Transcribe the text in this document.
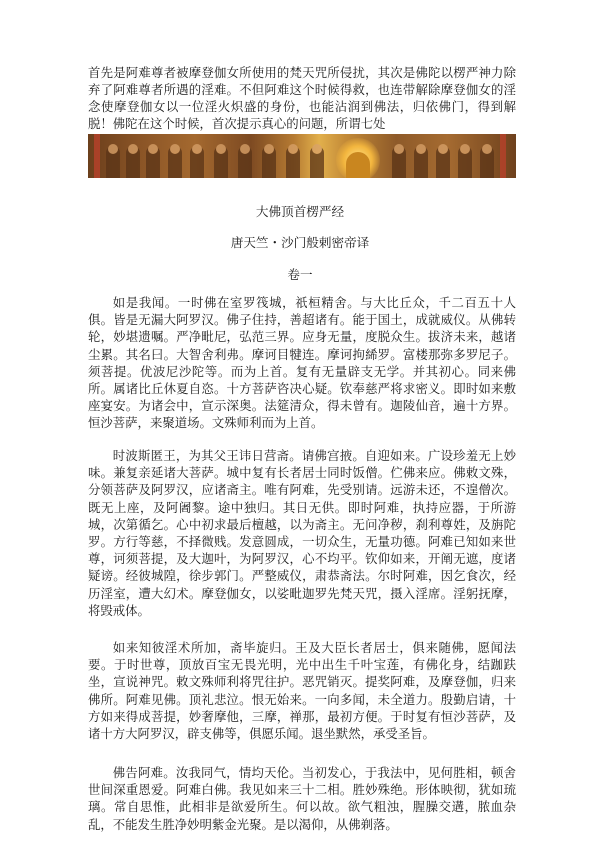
首先是阿难尊者被摩登伽女所使用的梵天咒所侵扰，其次是佛陀以楞严神力除弃了阿难尊者所遇的淫难。不但阿难这个时候得救，也连带解除摩登伽女的淫念使摩登伽女以一位淫火炽盛的身份，也能沾润到佛法，归依佛门，得到解脱！佛陀在这个时候，首次提示真心的问题，所谓七处

大佛顶首楞严经

唐天竺・沙门般剌密帝译

卷一

如是我闻。一时佛在室罗筏城，祇桓精舍。与大比丘众，千二百五十人俱。皆是无漏大阿罗汉。佛子住持，善超诸有。能于国土，成就威仪。从佛转轮，妙堪遗嘱。严净毗尼，弘范三界。应身无量，度脱众生。拔济未来，越诸尘累。其名曰。大智舍利弗。摩诃目犍连。摩诃拘絺罗。富楼那弥多罗尼子。须菩提。优波尼沙陀等。而为上首。复有无量辟支无学。并其初心。同来佛所。属诸比丘休夏自恣。十方菩萨咨决心疑。钦奉慈严将求密义。即时如来敷座宴安。为诸会中，宣示深奥。法筵清众，得未曾有。迦陵仙音，遍十方界。恒沙菩萨，来聚道场。文殊师利而为上首。

时波斯匿王，为其父王讳日营斋。请佛宫掖。自迎如来。广设珍羞无上妙味。兼复亲延诸大菩萨。城中复有长者居士同时饭僧。伫佛来应。佛敕文殊，分领菩萨及阿罗汉，应诸斋主。唯有阿难，先受别请。远游未还，不遑僧次。既无上座，及阿阇黎。途中独归。其日无供。即时阿难，执持应器，于所游城，次第循乞。心中初求最后檀越，以为斋主。无问净秽，刹利尊姓，及旃陀罗。方行等慈，不择微贱。发意圆成，一切众生，无量功德。阿难已知如来世尊，诃须菩提，及大迦叶，为阿罗汉，心不均平。钦仰如来，开阐无遮，度诸疑谤。经彼城隍，徐步郭门。严整威仪，肃恭斋法。尔时阿难，因乞食次，经历淫室，遭大幻术。摩登伽女，以娑毗迦罗先梵天咒，摄入淫席。淫躬抚摩，将毁戒体。

如来知彼淫术所加，斋毕旋归。王及大臣长者居士，俱来随佛，愿闻法要。于时世尊，顶放百宝无畏光明，光中出生千叶宝莲，有佛化身，结跏趺坐，宣说神咒。敕文殊师利将咒往护。恶咒销灭。提奖阿难，及摩登伽，归来佛所。阿难见佛。顶礼悲泣。恨无始来。一向多闻，未全道力。殷勤启请，十方如来得成菩提，妙奢摩他，三摩，禅那，最初方便。于时复有恒沙菩萨，及诸十方大阿罗汉，辟支佛等，俱愿乐闻。退坐默然，承受圣旨。

佛告阿难。汝我同气，情均天伦。当初发心，于我法中，见何胜相，顿舍世间深重恩爱。阿难白佛。我见如来三十二相。胜妙殊绝。形体映彻，犹如琉璃。常自思惟，此相非是欲爱所生。何以故。欲气粗浊，腥臊交遘，脓血杂乱，不能发生胜净妙明紫金光聚。是以渴仰，从佛剃落。
